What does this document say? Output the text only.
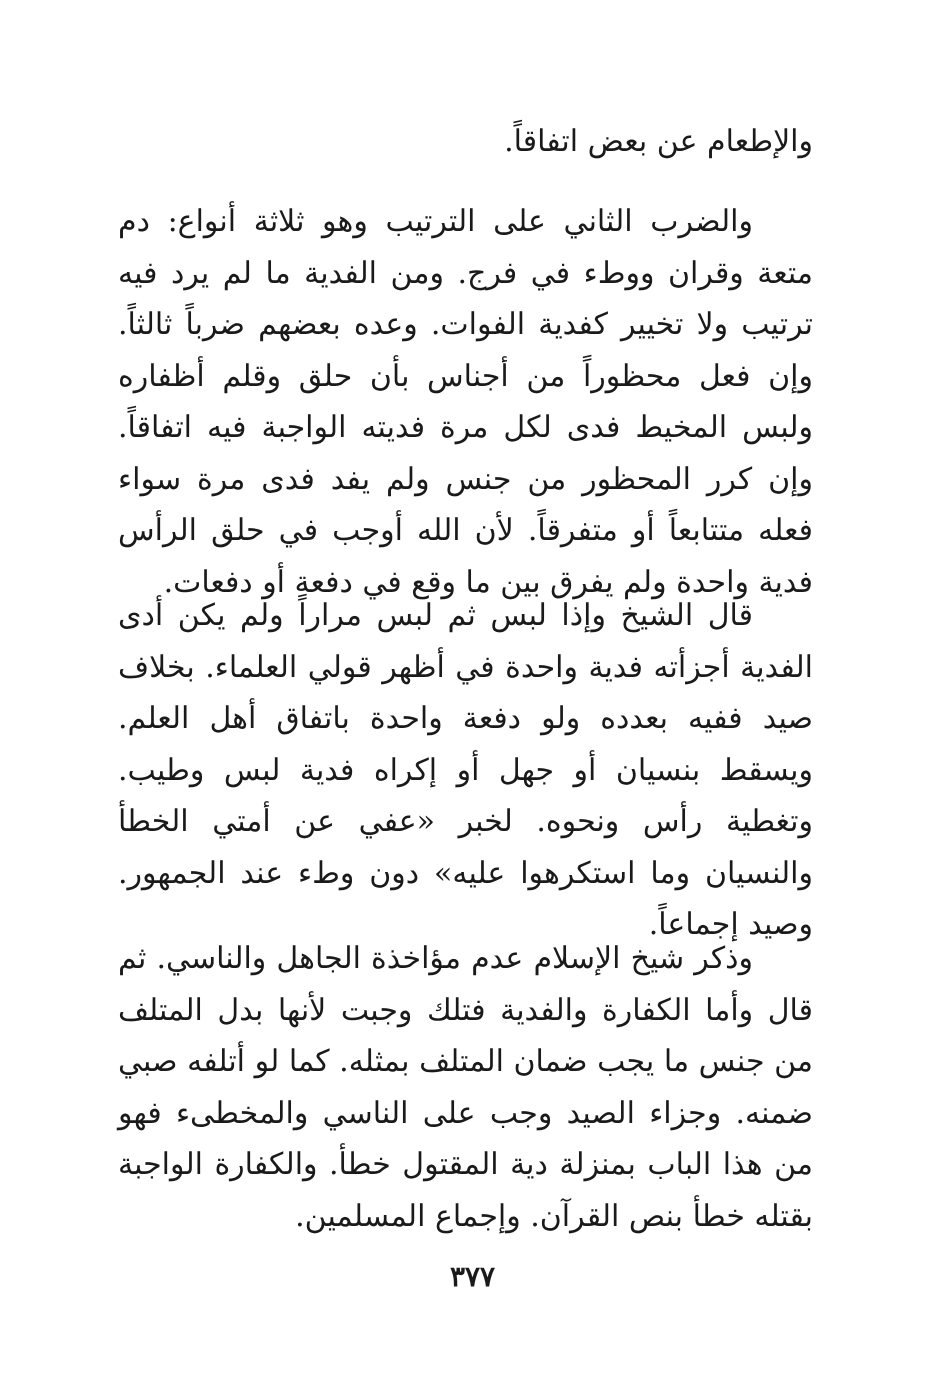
والإطعام عن بعض اتفاقاً.

والضرب الثاني على الترتيب وهو ثلاثة أنواع: دم متعة وقران ووطء في فرج. ومن الفدية ما لم يرد فيه ترتيب ولا تخيير كفدية الفوات. وعده بعضهم ضرباً ثالثاً. وإن فعل محظوراً من أجناس بأن حلق وقلم أظفاره ولبس المخيط فدى لكل مرة فديته الواجبة فيه اتفاقاً. وإن كرر المحظور من جنس ولم يفد فدى مرة سواء فعله متتابعاً أو متفرقاً. لأن الله أوجب في حلق الرأس فدية واحدة ولم يفرق بين ما وقع في دفعة أو دفعات.

قال الشيخ وإذا لبس ثم لبس مراراً ولم يكن أدى الفدية أجزأته فدية واحدة في أظهر قولي العلماء. بخلاف صيد ففيه بعدده ولو دفعة واحدة باتفاق أهل العلم. ويسقط بنسيان أو جهل أو إكراه فدية لبس وطيب. وتغطية رأس ونحوه. لخبر «عفي عن أمتي الخطأ والنسيان وما استكرهوا عليه» دون وطء عند الجمهور. وصيد إجماعاً.

وذكر شيخ الإسلام عدم مؤاخذة الجاهل والناسي. ثم قال وأما الكفارة والفدية فتلك وجبت لأنها بدل المتلف من جنس ما يجب ضمان المتلف بمثله. كما لو أتلفه صبي ضمنه. وجزاء الصيد وجب على الناسي والمخطىء فهو من هذا الباب بمنزلة دية المقتول خطأ. والكفارة الواجبة بقتله خطأ بنص القرآن. وإجماع المسلمين.

٣٧٧
